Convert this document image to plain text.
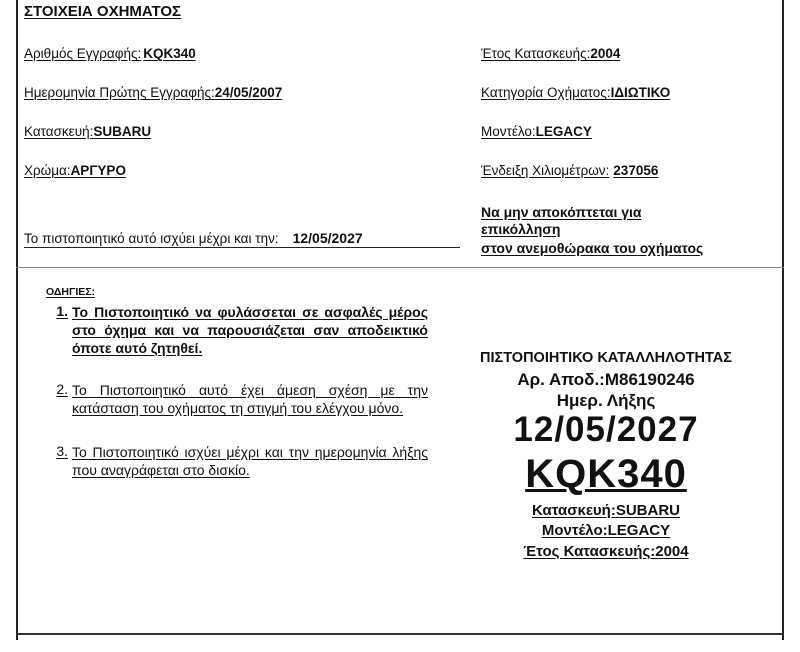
ΣΤΟΙΧΕΙΑ ΟΧΗΜΑΤΟΣ
Αριθμός Εγγραφής: KQK340	Έτος Κατασκευής:2004
Ημερομηνία Πρώτης Εγγραφής:24/05/2007	Κατηγορία Οχήματος:ΙΔΙΩΤΙΚΟ
Κατασκευή:SUBARU	Μοντέλο:LEGACY
Χρώμα:ΑΡΓΥΡΟ	Ένδειξη Χιλιομέτρων: 237056
Το πιστοποιητικό αυτό ισχύει μέχρι και την: 12/05/2027
Να μην αποκόπτεται για
επικόλληση
στον ανεμοθώρακα του οχήματος
ΟΔΗΓΙΕΣ:
1. Το Πιστοποιητικό να φυλάσσεται σε ασφαλές μέρος στο όχημα και να παρουσιάζεται σαν αποδεικτικό όποτε αυτό ζητηθεί.
2. Το Πιστοποιητικό αυτό έχει άμεση σχέση με την κατάσταση του οχήματος τη στιγμή του ελέγχου μόνο.
3. Το Πιστοποιητικό ισχύει μέχρι και την ημερομηνία λήξης που αναγράφεται στο δισκίο.
ΠΙΣΤΟΠΟΙΗΤΙΚΟ ΚΑΤΑΛΛΗΛΟΤΗΤΑΣ
Αρ. Αποδ.:M86190246
Ημερ. Λήξης
12/05/2027
KQK340
Κατασκευή:SUBARU
Μοντέλο:LEGACY
Έτος Κατασκευής:2004
